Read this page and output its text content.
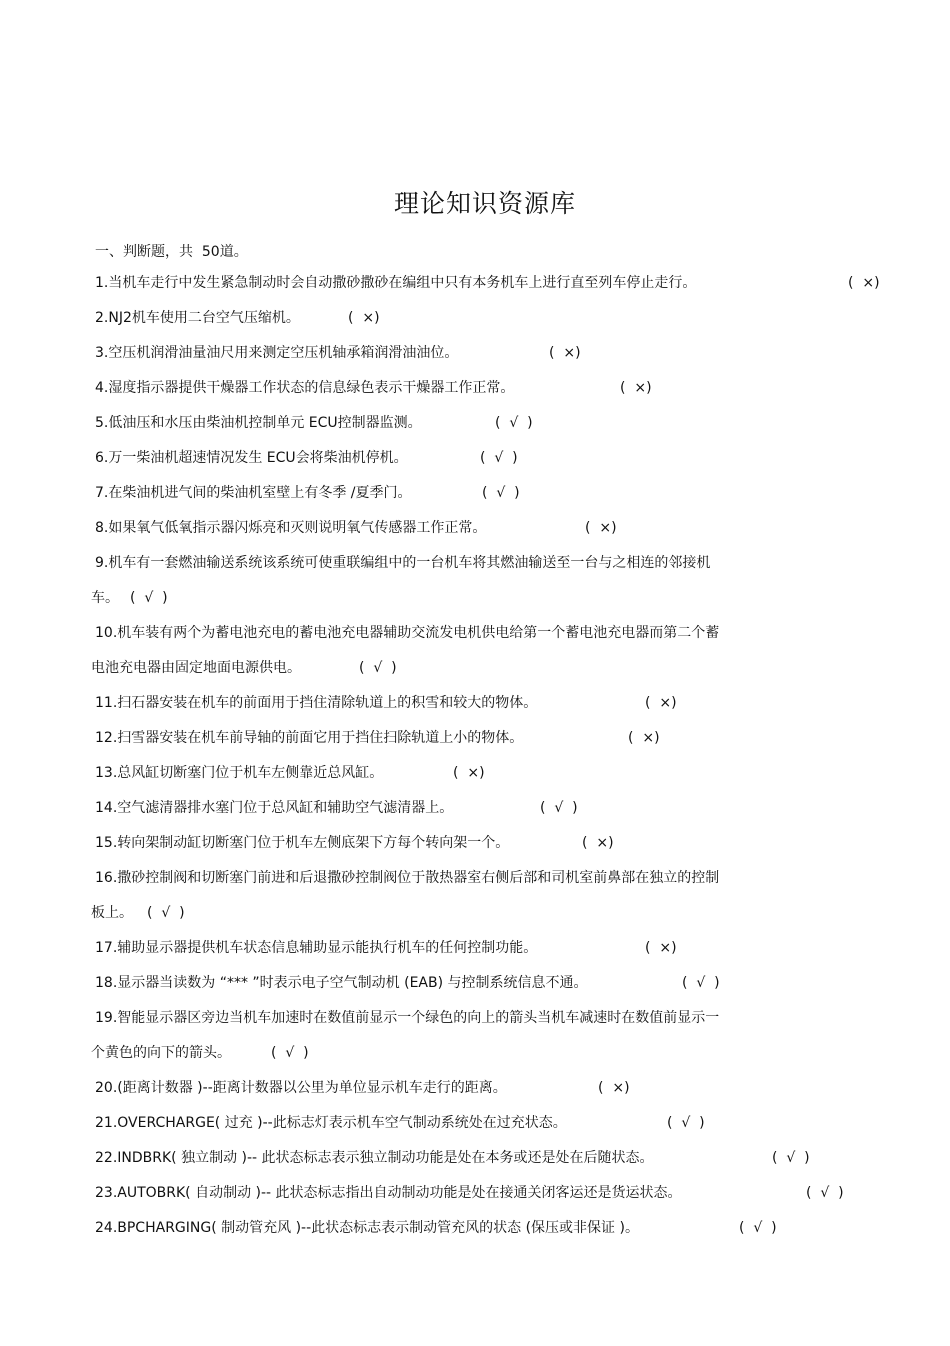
理论知识资源库

一、判断题，共  50道。

1.当机车走行中发生紧急制动时会自动撒砂撒砂在编组中只有本务机车上进行直至列车停止走行。	(  ×)
2.NJ2机车使用二台空气压缩机。	(  ×)
3.空压机润滑油量油尺用来测定空压机轴承箱润滑油油位。	(  ×)
4.湿度指示器提供干燥器工作状态的信息绿色表示干燥器工作正常。	(  ×)
5.低油压和水压由柴油机控制单元 ECU控制器监测。	(  √  )
6.万一柴油机超速情况发生 ECU会将柴油机停机。	(  √  )
7.在柴油机进气间的柴油机室壁上有冬季 /夏季门。	(  √  )
8.如果氧气低氧指示器闪烁亮和灭则说明氧气传感器工作正常。	(  ×)
9.机车有一套燃油输送系统该系统可使重联编组中的一台机车将其燃油输送至一台与之相连的邻接机
车。 (  √  )
10.机车装有两个为蓄电池充电的蓄电池充电器辅助交流发电机供电给第一个蓄电池充电器而第二个蓄
电池充电器由固定地面电源供电。	(  √  )
11.扫石器安装在机车的前面用于挡住清除轨道上的积雪和较大的物体。	(  ×)
12.扫雪器安装在机车前导轴的前面它用于挡住扫除轨道上小的物体。	(  ×)
13.总风缸切断塞门位于机车左侧靠近总风缸。	(  ×)
14.空气滤清器排水塞门位于总风缸和辅助空气滤清器上。	(  √  )
15.转向架制动缸切断塞门位于机车左侧底架下方每个转向架一个。	(  ×)
16.撒砂控制阀和切断塞门前进和后退撒砂控制阀位于散热器室右侧后部和司机室前鼻部在独立的控制
板上。	(  √  )
17.辅助显示器提供机车状态信息辅助显示能执行机车的任何控制功能。	(  ×)
18.显示器当读数为 “*** ”时表示电子空气制动机 (EAB) 与控制系统信息不通。	(  √  )
19.智能显示器区旁边当机车加速时在数值前显示一个绿色的向上的箭头当机车减速时在数值前显示一
个黄色的向下的箭头。	(  √  )
20.(距离计数器 )--距离计数器以公里为单位显示机车走行的距离。	(  ×)
21.OVERCHARGE( 过充 )--此标志灯表示机车空气制动系统处在过充状态。	(  √  )
22.INDBRK( 独立制动 )-- 此状态标志表示独立制动功能是处在本务或还是处在后随状态。	(  √  )
23.AUTOBRK( 自动制动 )-- 此状态标志指出自动制动功能是处在接通关闭客运还是货运状态。	(  √  )
24.BPCHARGING( 制动管充风 )--此状态标志表示制动管充风的状态 (保压或非保证 )。	(  √  )
